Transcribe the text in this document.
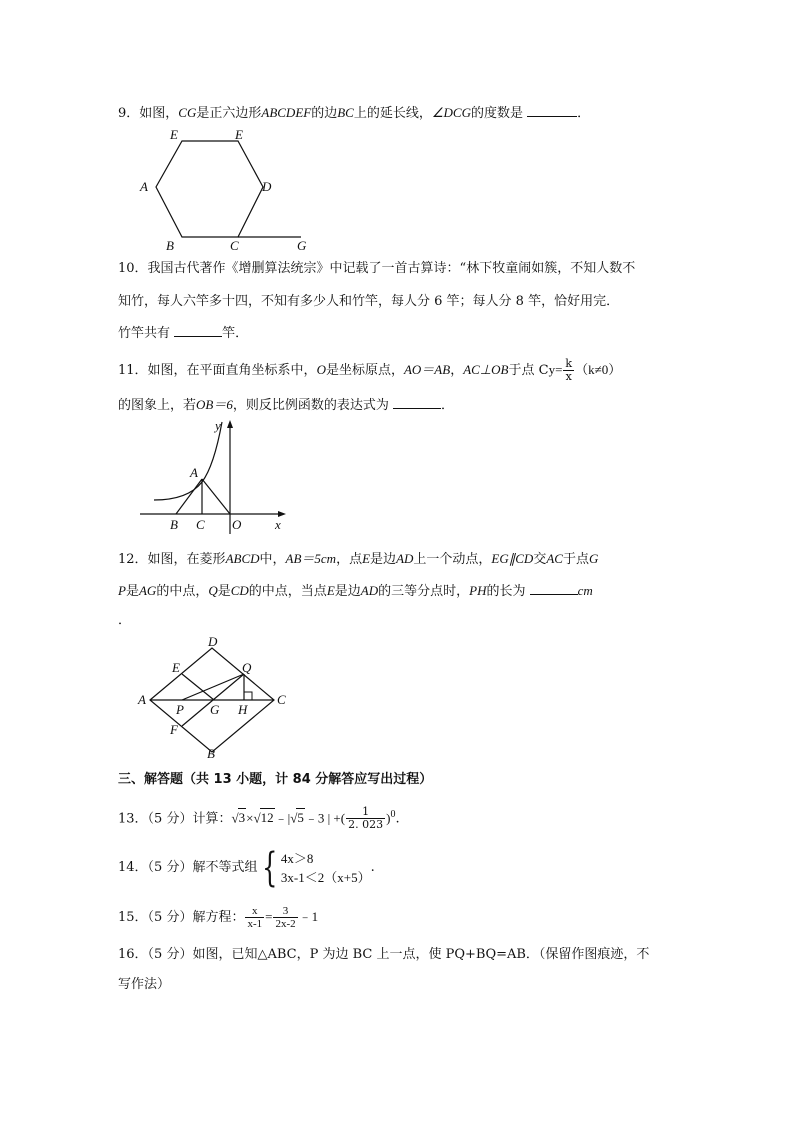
9．如图，CG是正六边形ABCDEF的边BC上的延长线，∠DCG的度数是	．
E	E
A	D
B	C	G
10．我国古代著作《增删算法统宗》中记载了一首古算诗：“林下牧童闹如簇，不知人数不
知竹，每人六竿多十四，不知有多少人和竹竿，每人分 6 竿；每人分 8 竿，恰好用完．
竹竿共有	竿．
11．如图，在平面直角坐标系中，O是坐标原点，AO＝AB，AC⊥OB于点 $Cy= \frac{k}{x} (k\ne 0)$
的图象上，若OB＝6，则反比例函数的表达式为	．
y
A
B C O	x
12．如图，在菱形ABCD中，AB＝5cm，点E是边AD上一个动点，EG∥CD交AC于点G
P是AG的中点，Q是CD的中点，当点E是边AD的三等分点时，PH的长为	cm
．
D
E	Q
A
P G H
C
F
B
三、解答题（共 13 小题，计 84 分解答应写出过程）
13．（5 分）计算：√3×√12﹣|√5﹣3 | +( $\frac{1}{2. 023} )^0$.
14．（5 分）解不等式组 { 4x＞8
3x-1＜2（x+5）
.
15．（5 分）解方程： $\frac{x}{x-1} = \frac{3}{2x-2}$ ﹣1
16．（5 分）如图，已知△ABC，P 为边 BC 上一点，使 PQ+BQ=AB．（保留作图痕迹，不
写作法）
